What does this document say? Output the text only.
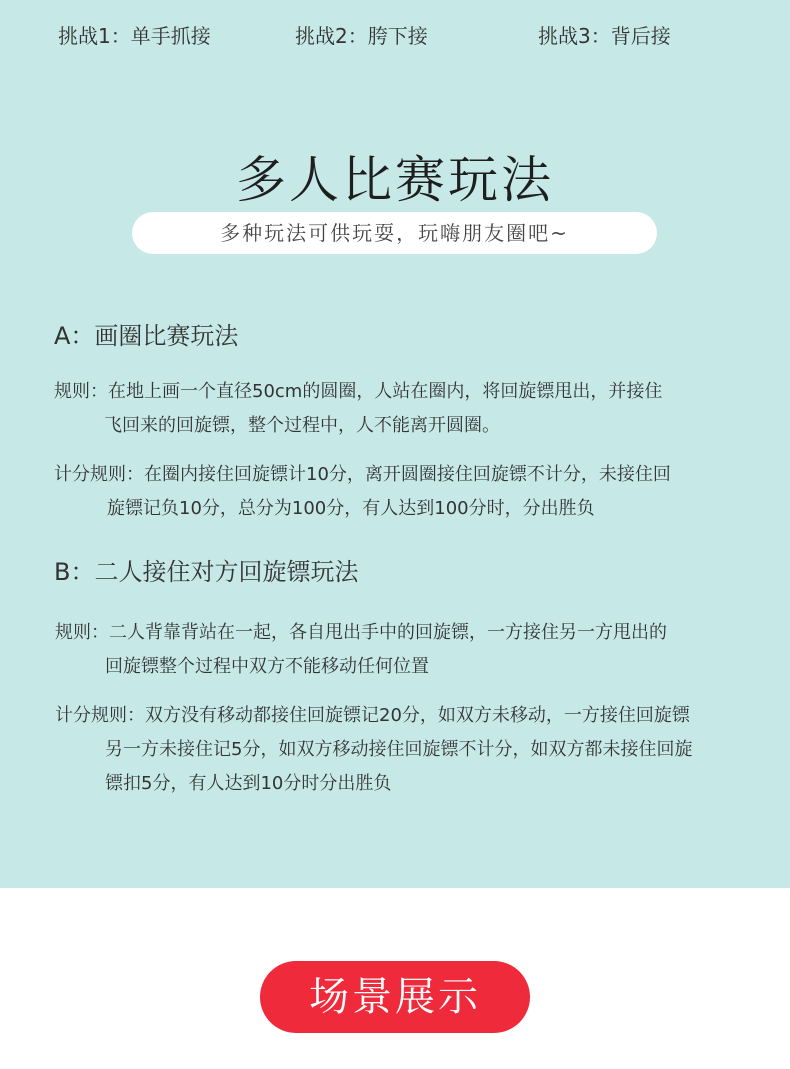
挑战1：单手抓接	挑战2：胯下接	挑战3：背后接
多人比赛玩法
多种玩法可供玩耍，玩嗨朋友圈吧~
A：画圈比赛玩法
规则：在地上画一个直径50cm的圆圈，人站在圈内，将回旋镖甩出，并接住
飞回来的回旋镖，整个过程中，人不能离开圆圈。
计分规则：在圈内接住回旋镖计10分，离开圆圈接住回旋镖不计分，未接住回
旋镖记负10分，总分为100分，有人达到100分时，分出胜负
B：二人接住对方回旋镖玩法
规则：二人背靠背站在一起，各自甩出手中的回旋镖，一方接住另一方甩出的
回旋镖整个过程中双方不能移动任何位置
计分规则：双方没有移动都接住回旋镖记20分，如双方未移动，一方接住回旋镖
另一方未接住记5分，如双方移动接住回旋镖不计分，如双方都未接住回旋
镖扣5分，有人达到10分时分出胜负
场景展示
